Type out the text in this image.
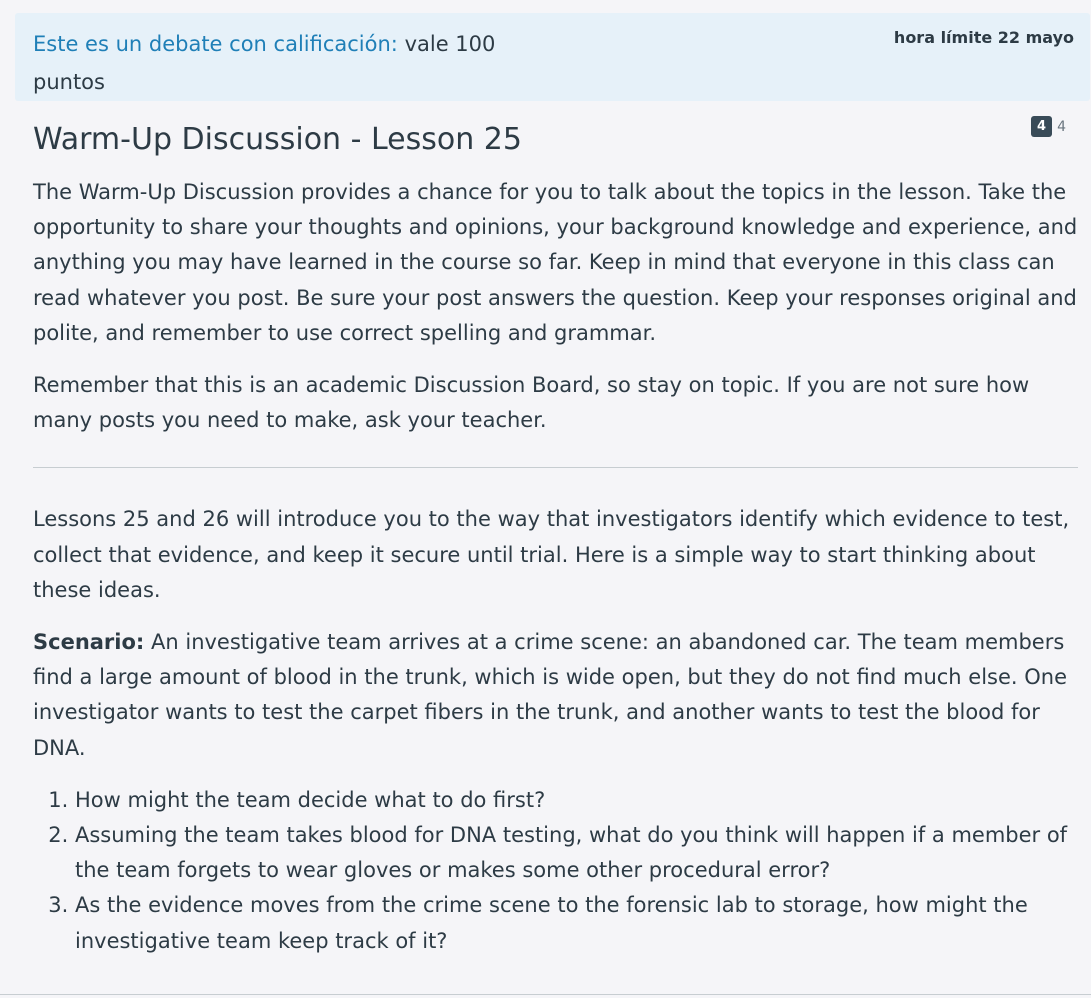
Este es un debate con calificación: vale 100 puntos
hora límite 22 mayo
Warm-Up Discussion - Lesson 25	4 4

The Warm-Up Discussion provides a chance for you to talk about the topics in the lesson. Take the opportunity to share your thoughts and opinions, your background knowledge and experience, and anything you may have learned in the course so far. Keep in mind that everyone in this class can read whatever you post. Be sure your post answers the question. Keep your responses original and polite, and remember to use correct spelling and grammar.

Remember that this is an academic Discussion Board, so stay on topic. If you are not sure how many posts you need to make, ask your teacher.

Lessons 25 and 26 will introduce you to the way that investigators identify which evidence to test, collect that evidence, and keep it secure until trial. Here is a simple way to start thinking about these ideas.

Scenario: An investigative team arrives at a crime scene: an abandoned car. The team members find a large amount of blood in the trunk, which is wide open, but they do not find much else. One investigator wants to test the carpet fibers in the trunk, and another wants to test the blood for DNA.

1. How might the team decide what to do first?
2. Assuming the team takes blood for DNA testing, what do you think will happen if a member of the team forgets to wear gloves or makes some other procedural error?
3. As the evidence moves from the crime scene to the forensic lab to storage, how might the investigative team keep track of it?
